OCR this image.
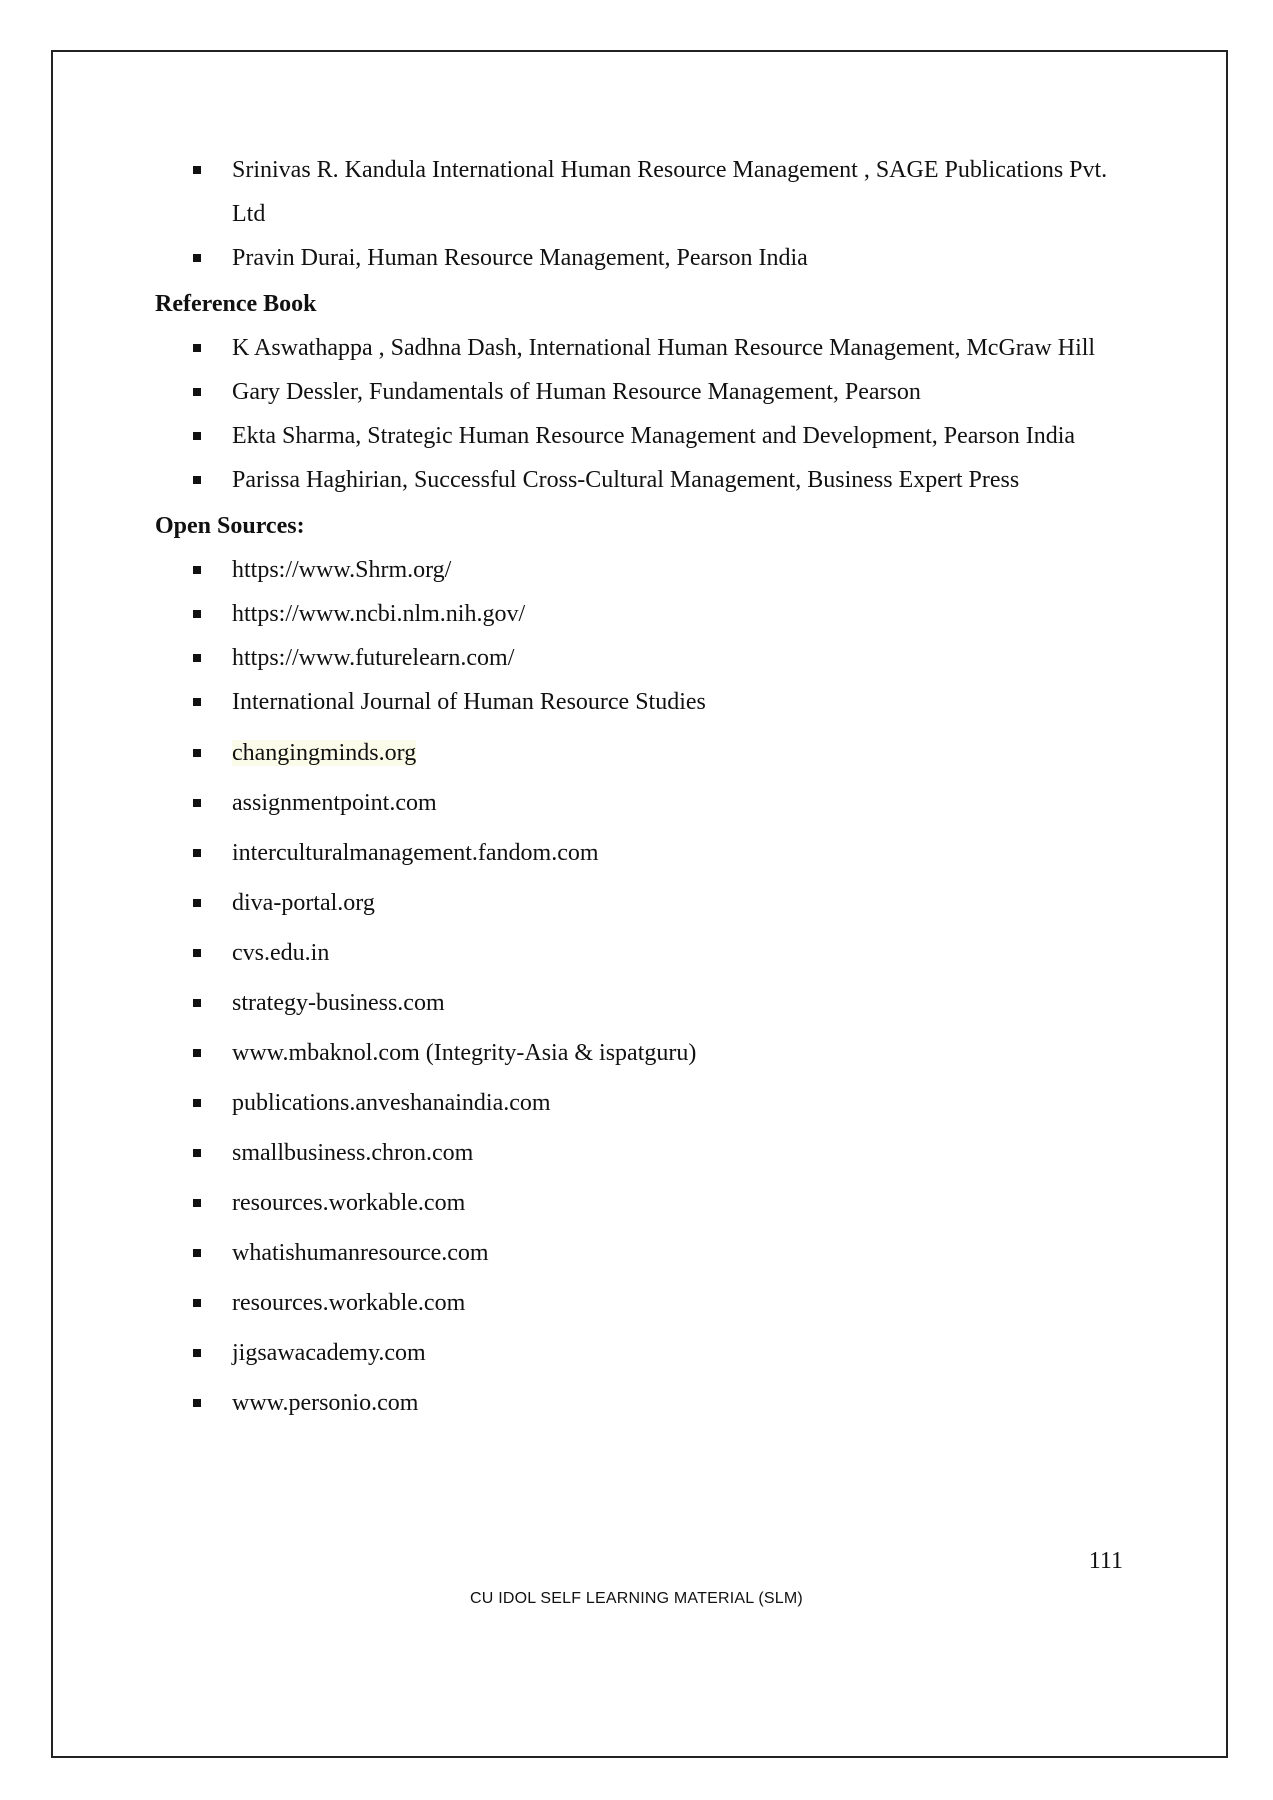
Srinivas R. Kandula International Human Resource Management , SAGE Publications Pvt. Ltd
Pravin Durai, Human Resource Management, Pearson India
Reference Book
K Aswathappa , Sadhna Dash, International Human Resource Management, McGraw Hill
Gary Dessler, Fundamentals of Human Resource Management, Pearson
Ekta Sharma, Strategic Human Resource Management and Development, Pearson India
Parissa Haghirian, Successful Cross-Cultural Management, Business Expert Press
Open Sources:
https://www.Shrm.org/
https://www.ncbi.nlm.nih.gov/
https://www.futurelearn.com/
International Journal of Human Resource Studies
changingminds.org
assignmentpoint.com
interculturalmanagement.fandom.com
diva-portal.org
cvs.edu.in
strategy-business.com
www.mbaknol.com (Integrity-Asia & ispatguru)
publications.anveshanaindia.com
smallbusiness.chron.com
resources.workable.com
whatishumanresource.com
resources.workable.com
jigsawacademy.com
www.personio.com
111
CU IDOL SELF LEARNING MATERIAL (SLM)
